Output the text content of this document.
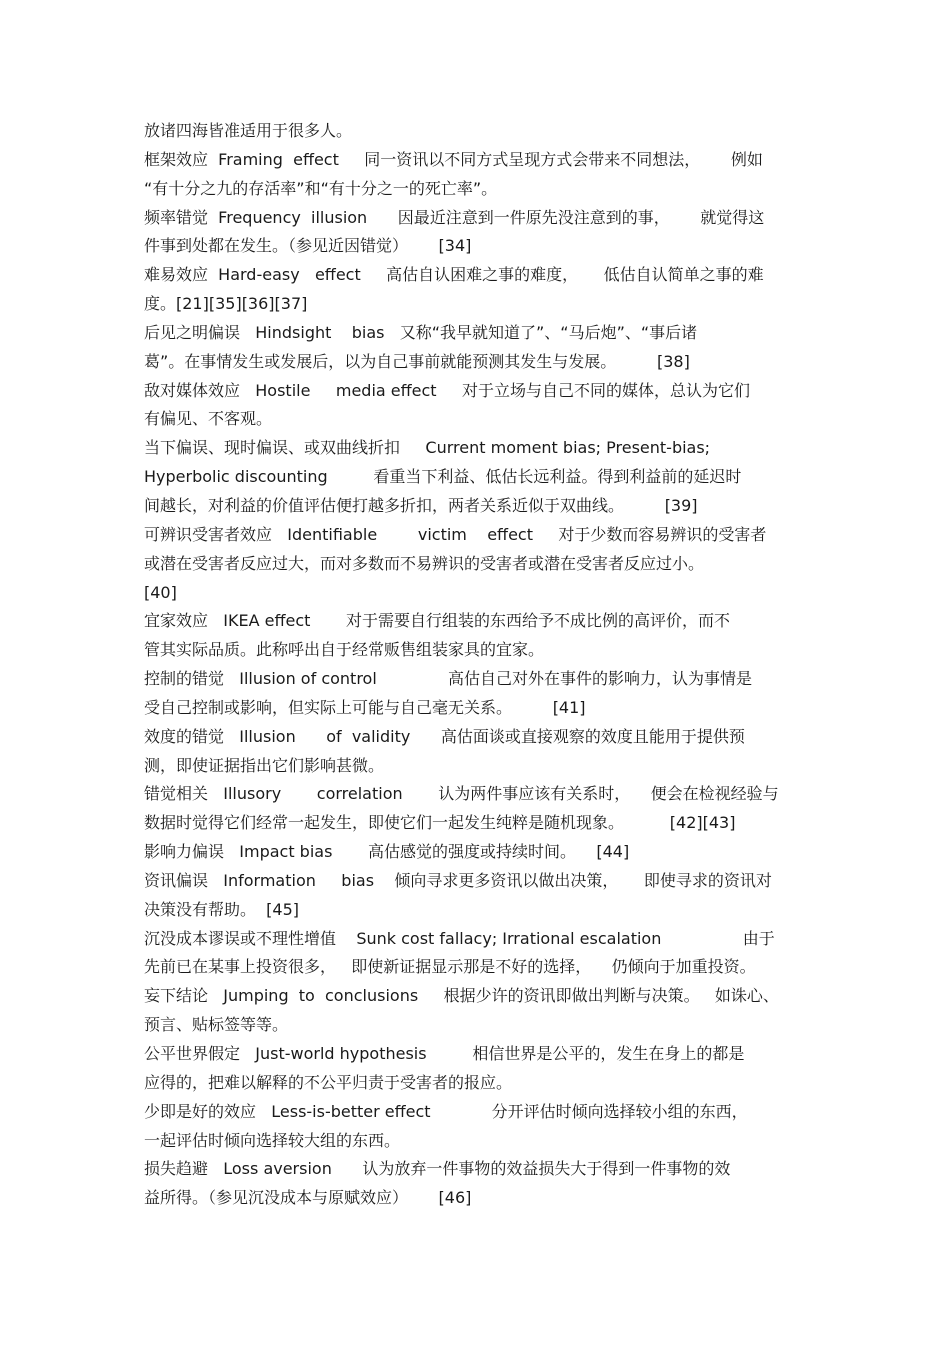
放诸四海皆准适用于很多人。
框架效应  Framing  effect     同一资讯以不同方式呈现方式会带来不同想法，      例如
“有十分之九的存活率”和“有十分之一的死亡率”。
频率错觉  Frequency  illusion      因最近注意到一件原先没注意到的事，      就觉得这
件事到处都在发生。（参见近因错觉）      [34]
难易效应  Hard-easy   effect     高估自认困难之事的难度，     低估自认简单之事的难
度。[21][35][36][37]
后见之明偏误   Hindsight    bias   又称“我早就知道了”、“马后炮”、“事后诸
葛”。在事情发生或发展后，以为自己事前就能预测其发生与发展。        [38]
敌对媒体效应   Hostile     media effect     对于立场与自己不同的媒体，总认为它们
有偏见、不客观。
当下偏误、现时偏误、或双曲线折扣     Current moment bias; Present-bias;
Hyperbolic discounting         看重当下利益、低估长远利益。得到利益前的延迟时
间越长，对利益的价值评估便打越多折扣，两者关系近似于双曲线。        [39]
可辨识受害者效应   Identifiable        victim    effect     对于少数而容易辨识的受害者
或潜在受害者反应过大，而对多数而不易辨识的受害者或潜在受害者反应过小。
[40]
宜家效应   IKEA effect       对于需要自行组装的东西给予不成比例的高评价，而不
管其实际品质。此称呼出自于经常贩售组装家具的宜家。
控制的错觉   Illusion of control              高估自己对外在事件的影响力，认为事情是
受自己控制或影响，但实际上可能与自己毫无关系。        [41]
效度的错觉   Illusion      of  validity      高估面谈或直接观察的效度且能用于提供预
测，即使证据指出它们影响甚微。
错觉相关   Illusory       correlation       认为两件事应该有关系时，    便会在检视经验与
数据时觉得它们经常一起发生，即使它们一起发生纯粹是随机现象。         [42][43]
影响力偏误   Impact bias       高估感觉的强度或持续时间。    [44]
资讯偏误   Information     bias    倾向寻求更多资讯以做出决策，     即使寻求的资讯对
决策没有帮助。  [45]
沉没成本谬误或不理性增值    Sunk cost fallacy; Irrational escalation                由于
先前已在某事上投资很多，   即使新证据显示那是不好的选择，    仍倾向于加重投资。
妄下结论   Jumping  to  conclusions     根据少许的资讯即做出判断与决策。   如诛心、
预言、贴标签等等。
公平世界假定   Just-world hypothesis         相信世界是公平的，发生在身上的都是
应得的，把难以解释的不公平归责于受害者的报应。
少即是好的效应   Less-is-better effect            分开评估时倾向选择较小组的东西，
一起评估时倾向选择较大组的东西。
损失趋避   Loss aversion      认为放弃一件事物的效益损失大于得到一件事物的效
益所得。（参见沉没成本与原赋效应）      [46]
